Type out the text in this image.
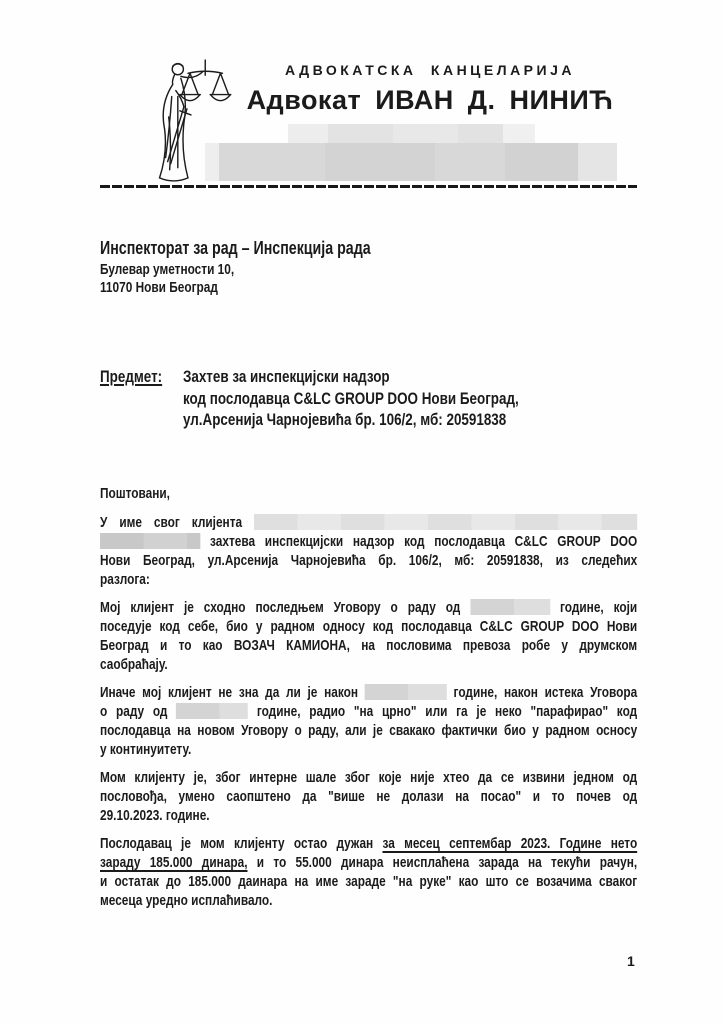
АДВОКАТСКА КАНЦЕЛАРИЈА
Адвокат ИВАН Д. НИНИЋ
Инспекторат за рад – Инспекција рада
Булевар уметности 10,
11070 Нови Београд
Предмет:	Захтев за инспекцијски надзор
код послодавца C&LC GROUP DOO Нови Београд,
ул.Арсенија Чарнојевића бр. 106/2, мб: 20591838
Поштовани,
У име свог клијента
захтева инспекцијски надзор код послодавца C&LC GROUP DOO
Нови Београд, ул.Арсенија Чарнојевића бр. 106/2, мб: 20591838, из следећих
разлога:
Мој клијент је сходно последњем Уговору о раду од	године, који
поседује код себе, био у радном односу код послодавца C&LC GROUP DOO Нови
Београд и то као ВОЗАЧ КАМИОНА, на пословима превоза робе у друмском
саобраћају.
Иначе мој клијент не зна да ли је након	године, након истека Уговора
о раду од	године, радио "на црно" или га је неко "парафирао" код
послодавца на новом Уговору о раду, али је свакако фактички био у радном осносу
у континуитету.
Мом клијенту је, због интерне шале због које није хтео да се извини једном од
пословођа, умено саопштено да "више не долази на посао" и то почев од
29.10.2023. године.
Послодавац је мом клијенту остао дужан за месец септембар 2023. Године нето
зараду 185.000 динара, и то 55.000 динара неисплаћена зарада на текући рачун,
и остатак до 185.000 даинара на име зараде "на руке" као што се возачима сваког
месеца уредно исплаћивало.
1
